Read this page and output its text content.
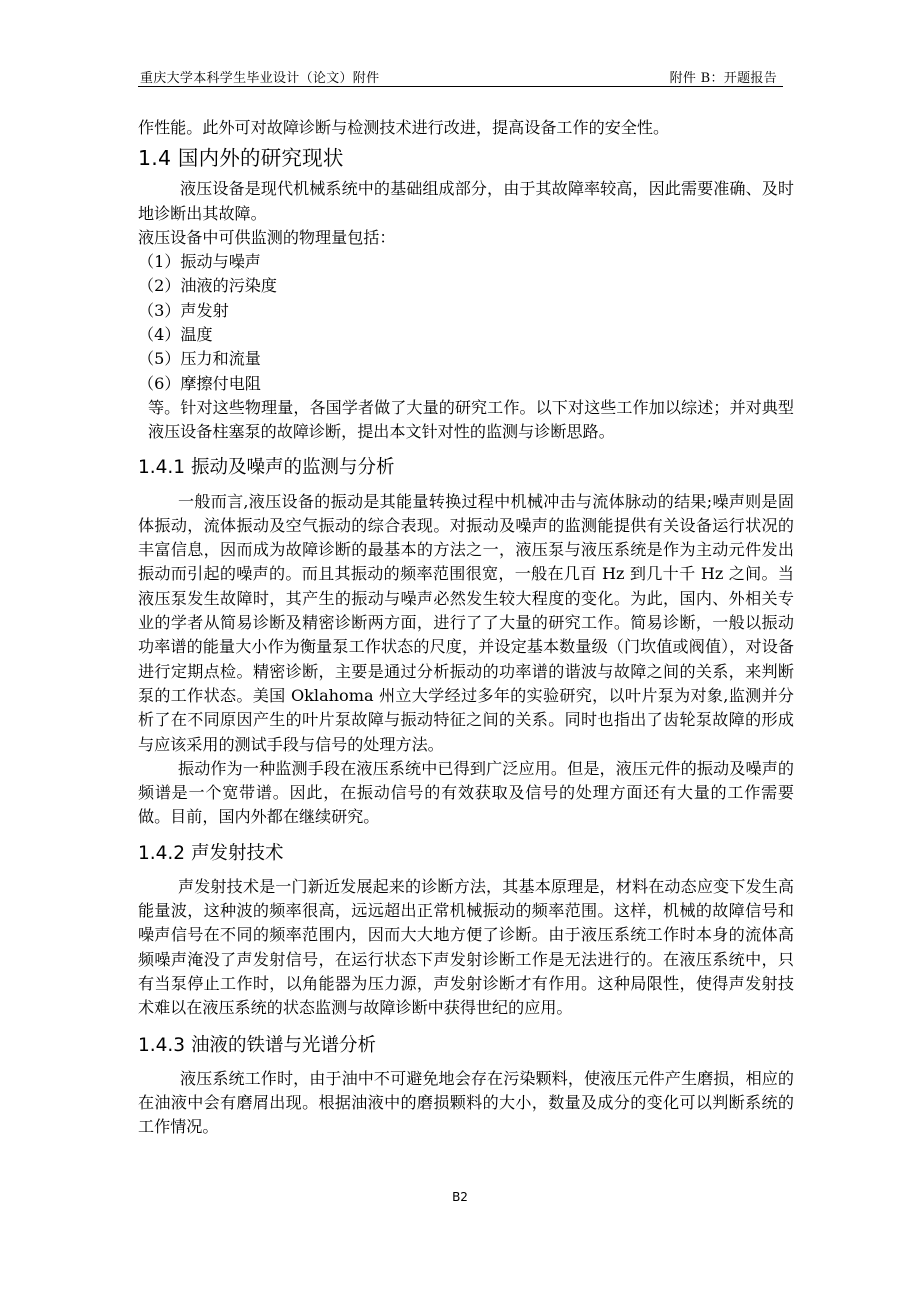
重庆大学本科学生毕业设计（论文）附件	附件 B：开题报告

作性能。此外可对故障诊断与检测技术进行改进，提高设备工作的安全性。

1.4 国内外的研究现状

液压设备是现代机械系统中的基础组成部分，由于其故障率较高，因此需要准确、及时地诊断出其故障。

液压设备中可供监测的物理量包括：

（1）振动与噪声

（2）油液的污染度

（3）声发射

（4）温度

（5）压力和流量

（6）摩擦付电阻

等。针对这些物理量，各国学者做了大量的研究工作。以下对这些工作加以综述；并对典型液压设备柱塞泵的故障诊断，提出本文针对性的监测与诊断思路。

1.4.1 振动及噪声的监测与分析

一般而言,液压设备的振动是其能量转换过程中机械冲击与流体脉动的结果;噪声则是固体振动，流体振动及空气振动的综合表现。对振动及噪声的监测能提供有关设备运行状况的丰富信息，因而成为故障诊断的最基本的方法之一，液压泵与液压系统是作为主动元件发出振动而引起的噪声的。而且其振动的频率范围很宽，一般在几百 Hz 到几十千 Hz 之间。当液压泵发生故障时，其产生的振动与噪声必然发生较大程度的变化。为此，国内、外相关专业的学者从简易诊断及精密诊断两方面，进行了了大量的研究工作。简易诊断，一般以振动功率谱的能量大小作为衡量泵工作状态的尺度，并设定基本数量级（门坎值或阀值），对设备进行定期点检。精密诊断，主要是通过分析振动的功率谱的谐波与故障之间的关系，来判断泵的工作状态。美国 Oklahoma 州立大学经过多年的实验研究，以叶片泵为对象,监测并分析了在不同原因产生的叶片泵故障与振动特征之间的关系。同时也指出了齿轮泵故障的形成与应该采用的测试手段与信号的处理方法。

振动作为一种监测手段在液压系统中已得到广泛应用。但是，液压元件的振动及噪声的频谱是一个宽带谱。因此，在振动信号的有效获取及信号的处理方面还有大量的工作需要做。目前，国内外都在继续研究。

1.4.2 声发射技术

声发射技术是一门新近发展起来的诊断方法，其基本原理是，材料在动态应变下发生高能量波，这种波的频率很高，远远超出正常机械振动的频率范围。这样，机械的故障信号和噪声信号在不同的频率范围内，因而大大地方便了诊断。由于液压系统工作时本身的流体高频噪声淹没了声发射信号，在运行状态下声发射诊断工作是无法进行的。在液压系统中，只有当泵停止工作时，以角能器为压力源，声发射诊断才有作用。这种局限性，使得声发射技术难以在液压系统的状态监测与故障诊断中获得世纪的应用。

1.4.3 油液的铁谱与光谱分析

液压系统工作时，由于油中不可避免地会存在污染颗料，使液压元件产生磨损，相应的在油液中会有磨屑出现。根据油液中的磨损颗料的大小，数量及成分的变化可以判断系统的工作情况。

B2
